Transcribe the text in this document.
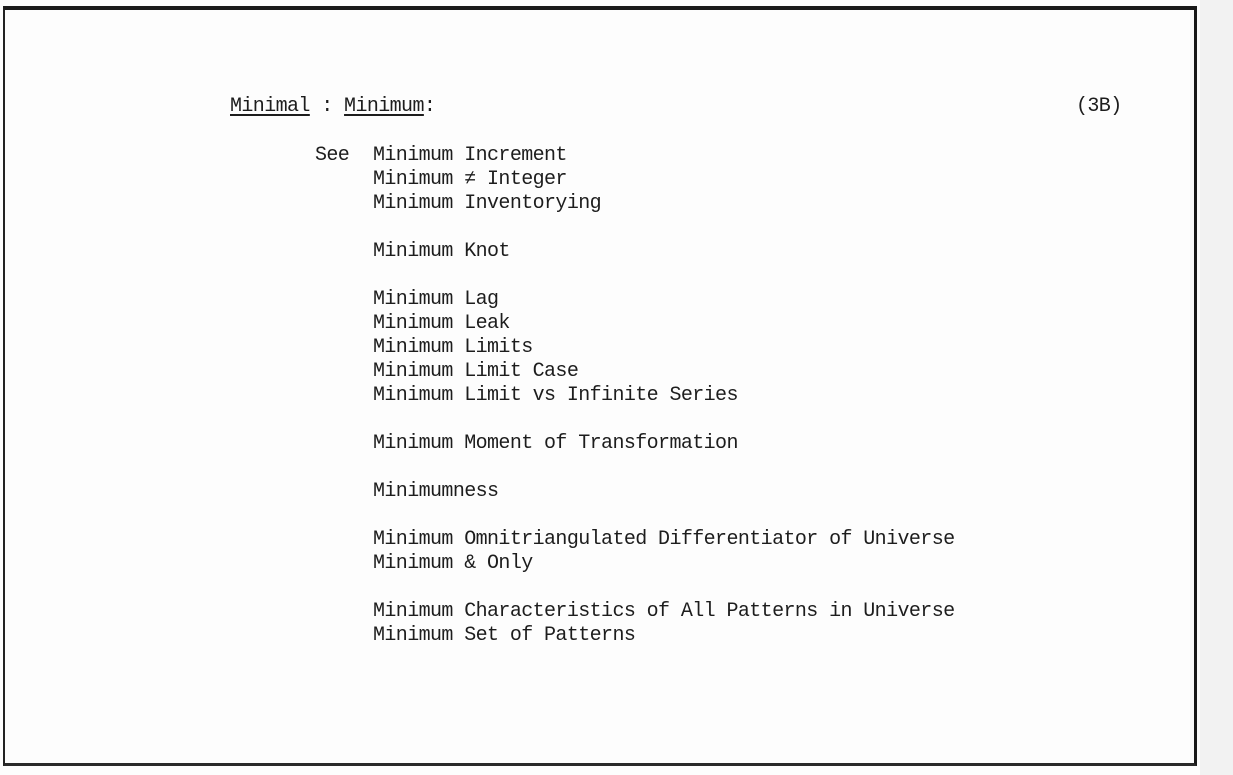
Minimal : Minimum:	(3B)
See Minimum Increment
Minimum ≠ Integer
Minimum Inventorying
Minimum Knot
Minimum Lag
Minimum Leak
Minimum Limits
Minimum Limit Case
Minimum Limit vs Infinite Series
Minimum Moment of Transformation
Minimumness
Minimum Omnitriangulated Differentiator of Universe
Minimum & Only
Minimum Characteristics of All Patterns in Universe
Minimum Set of Patterns
